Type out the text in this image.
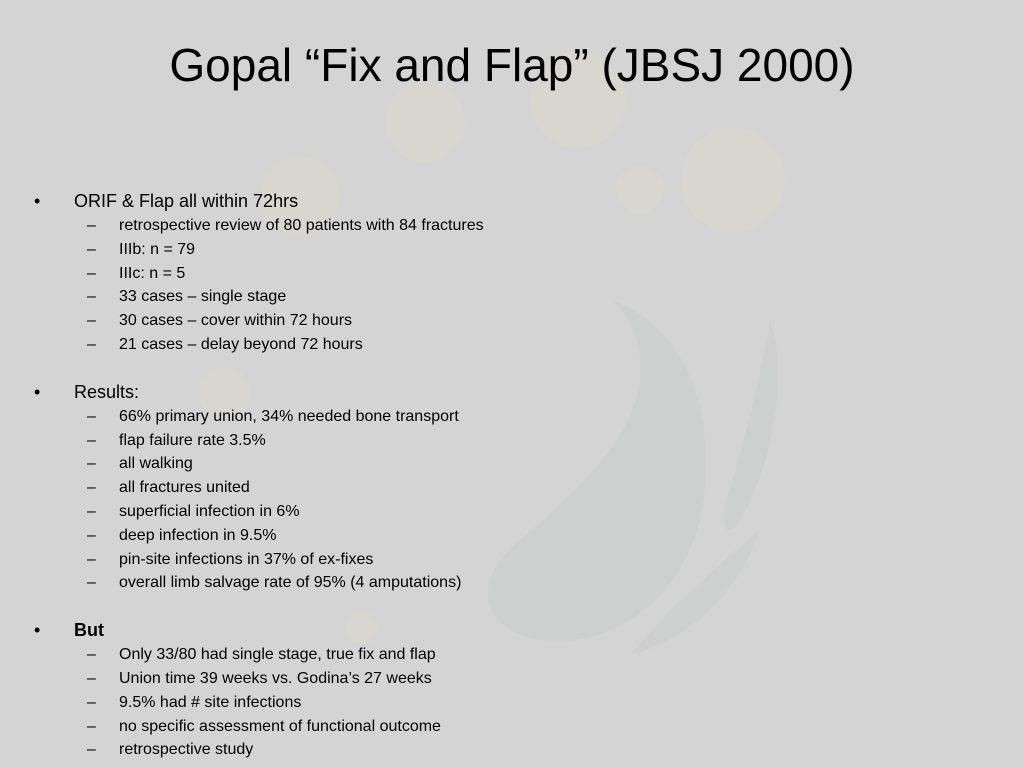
Gopal “Fix and Flap” (JBSJ 2000)
•	ORIF & Flap all within 72hrs
– retrospective review of 80 patients with 84 fractures
– IIIb: n = 79
– IIIc: n = 5
– 33 cases – single stage
– 30 cases – cover within 72 hours
– 21 cases – delay beyond 72 hours
•	Results:
– 66% primary union, 34% needed bone transport
– flap failure rate 3.5%
– all walking
– all fractures united
– superficial infection in 6%
– deep infection in 9.5%
– pin-site infections in 37% of ex-fixes
– overall limb salvage rate of 95% (4 amputations)
•	But
– Only 33/80 had single stage, true fix and flap
– Union time 39 weeks vs. Godina’s 27 weeks
– 9.5% had # site infections
– no specific assessment of functional outcome
– retrospective study
